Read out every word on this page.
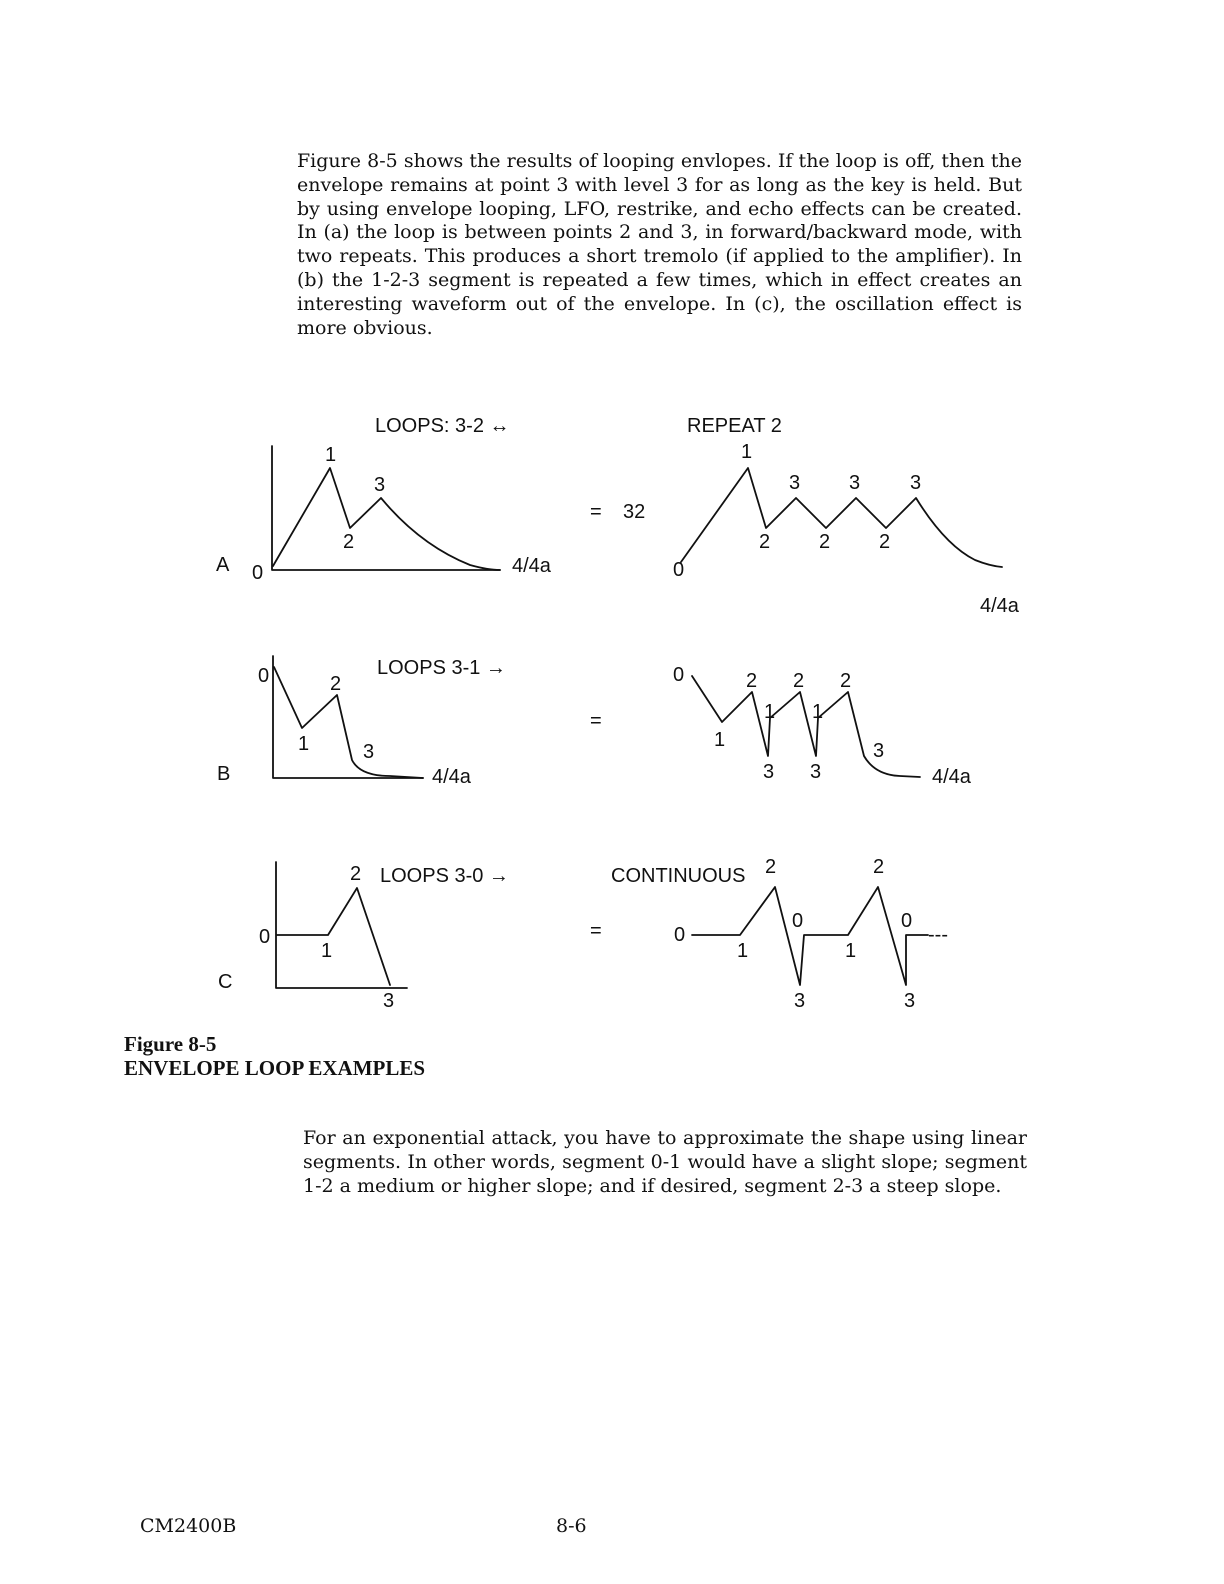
Figure 8-5 shows the results of looping envlopes. If the loop is off, then the envelope remains at point 3 with level 3 for as long as the key is held. But by using envelope looping, LFO, restrike, and echo effects can be created. In (a) the loop is between points 2 and 3, in forward/backward mode, with two repeats. This produces a short tremolo (if applied to the amplifier). In (b) the 1-2-3 segment is repeated a few times, which in effect creates an interesting waveform out of the envelope. In (c), the oscillation effect is more obvious.

A
LOOPS: 3-2 ↔
0
1
2
3
4/4a
= 32
REPEAT 2
0
1
3 3 3
2 2 2
4/4a
B
LOOPS 3-1 →
0
1
2
3
4/4a
=
0
1
1 1
2 2 2
3 3
3
4/4a
C
LOOPS 3-0 →
0
1
2
3
=
CONTINUOUS
0
0	0
1	1
2	2
3	3
---
Figure 8-5
ENVELOPE LOOP EXAMPLES

For an exponential attack, you have to approximate the shape using linear segments. In other words, segment 0-1 would have a slight slope; segment 1-2 a medium or higher slope; and if desired, segment 2-3 a steep slope.

CM2400B	8-6
